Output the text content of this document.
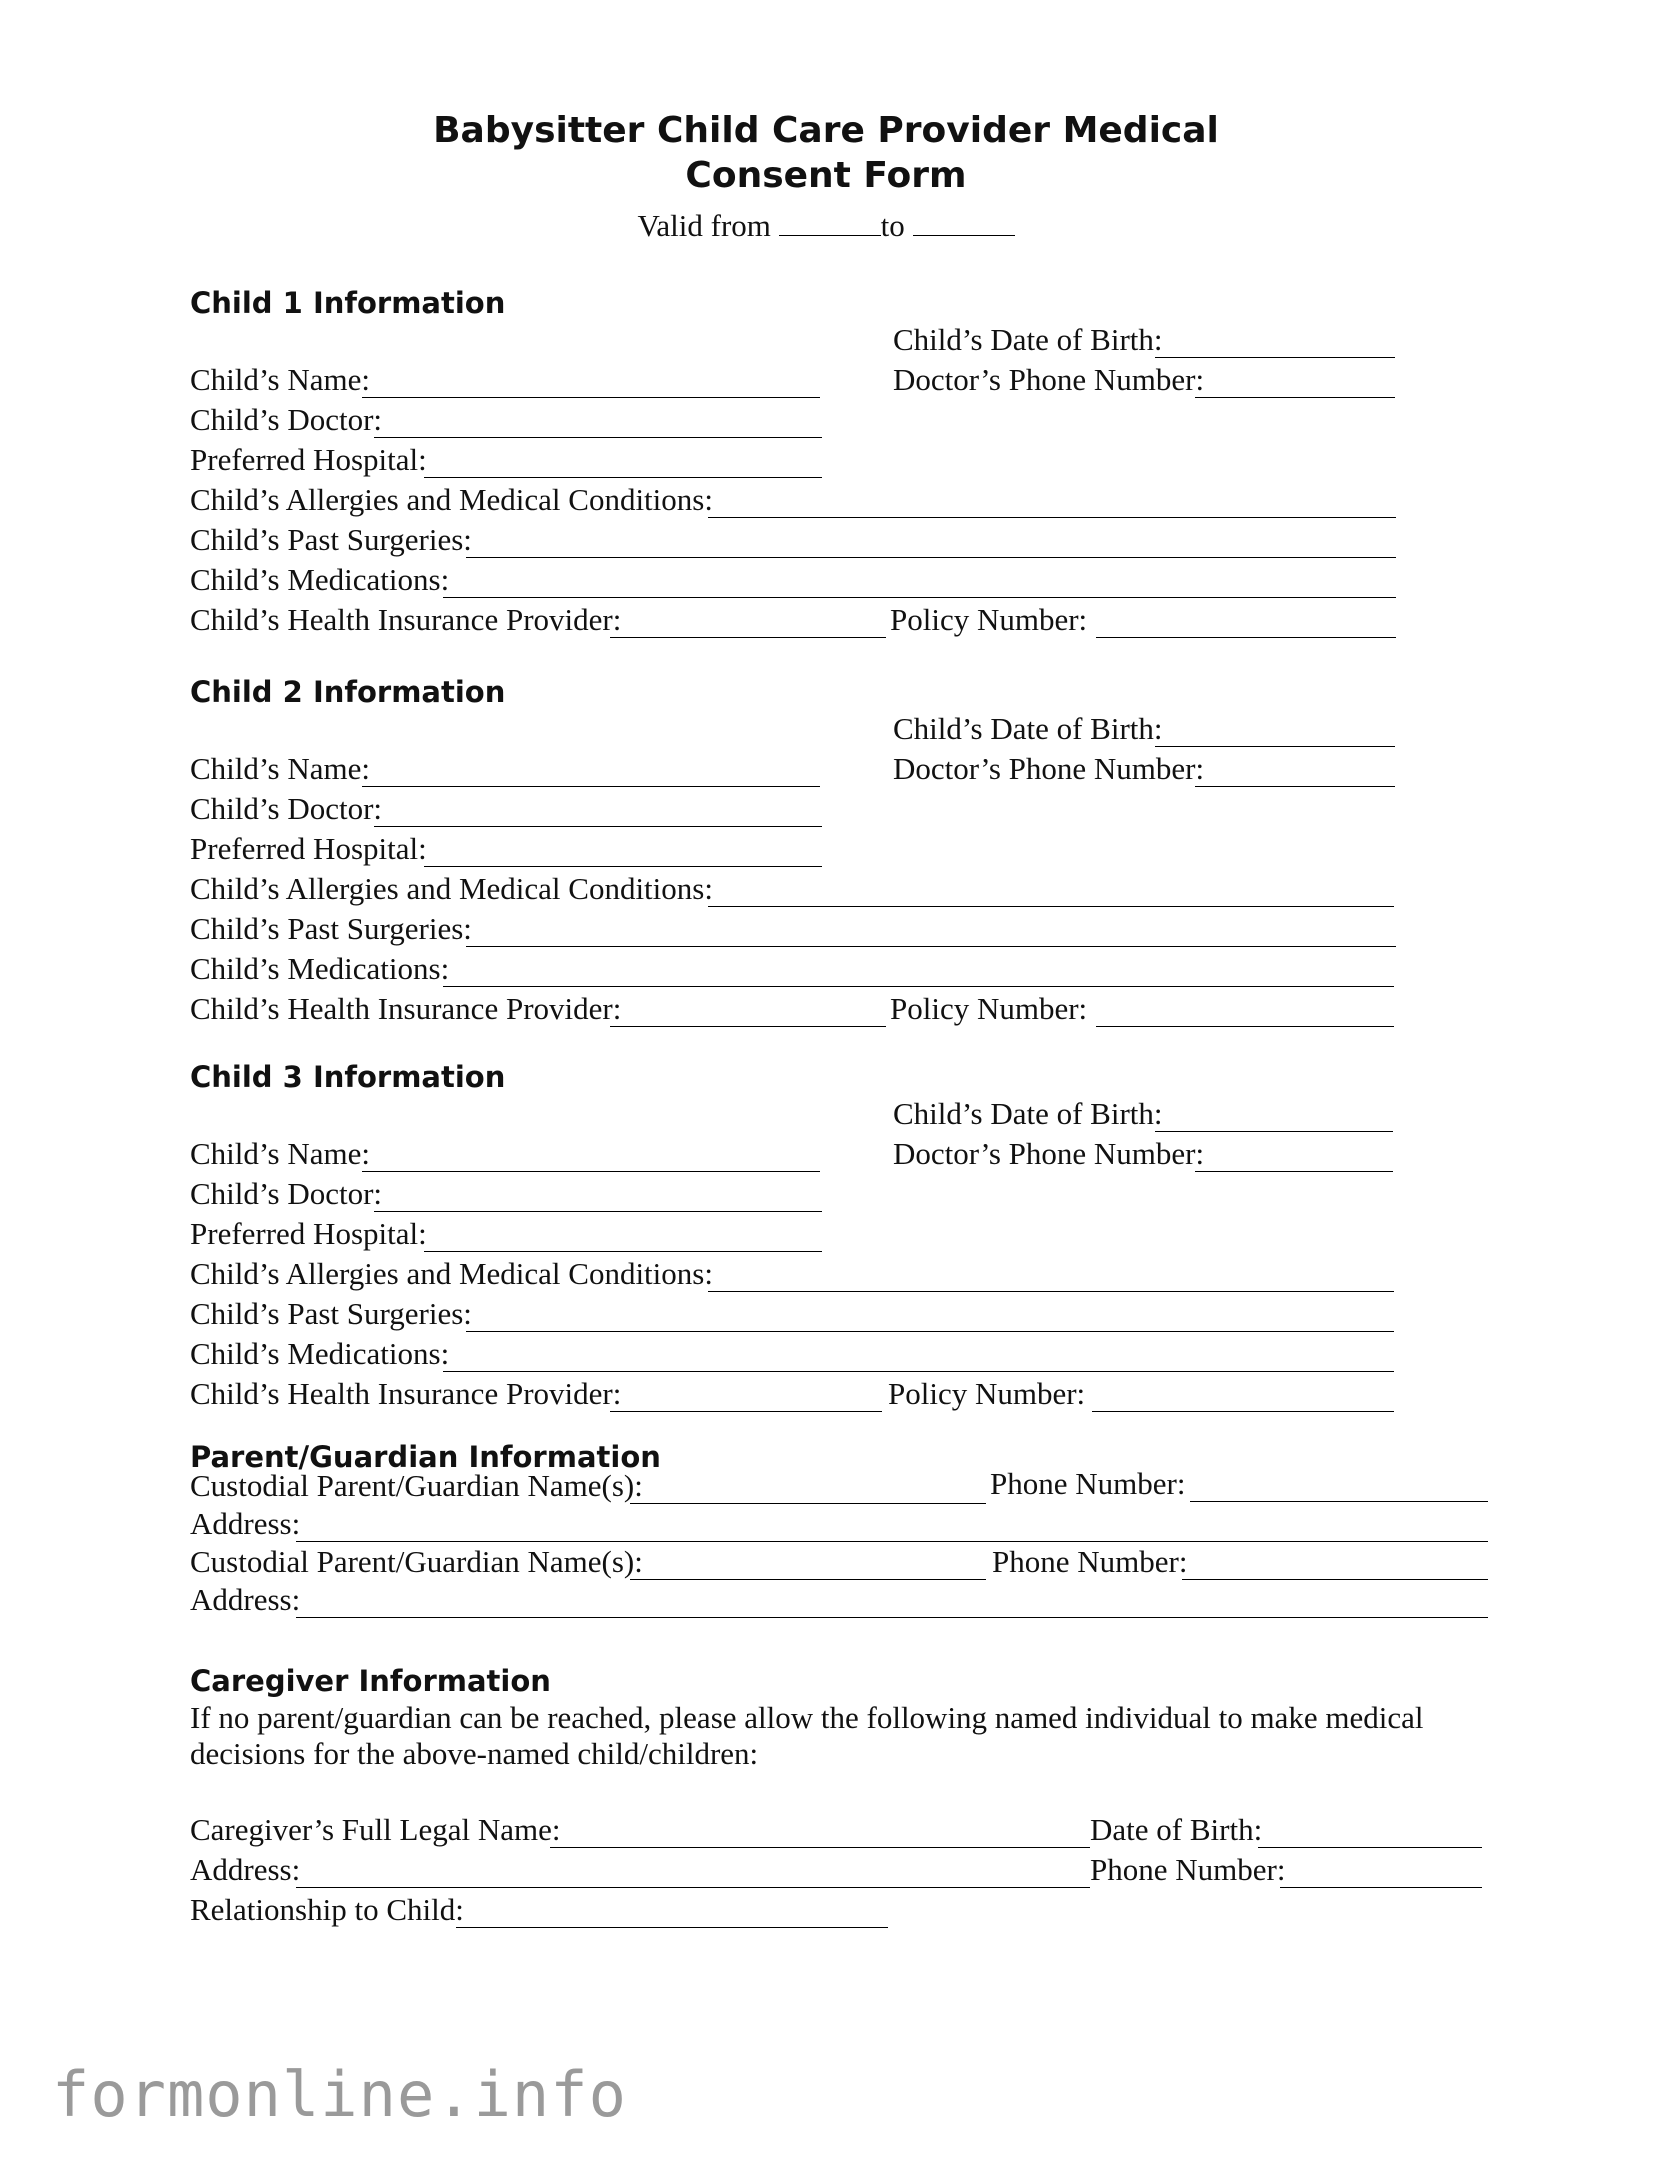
Babysitter Child Care Provider Medical
Consent Form
Valid from	to
Child 1 Information
Child’s Date of Birth:
Child’s Name:	Doctor’s Phone Number:
Child’s Doctor:
Preferred Hospital:
Child’s Allergies and Medical Conditions:
Child’s Past Surgeries:
Child’s Medications:
Child’s Health Insurance Provider:	Policy Number:
Child 2 Information
Child’s Date of Birth:
Child’s Name:	Doctor’s Phone Number:
Child’s Doctor:
Preferred Hospital:
Child’s Allergies and Medical Conditions:
Child’s Past Surgeries:
Child’s Medications:
Child’s Health Insurance Provider:	Policy Number:
Child 3 Information
Child’s Date of Birth:
Child’s Name:	Doctor’s Phone Number:
Child’s Doctor:
Preferred Hospital:
Child’s Allergies and Medical Conditions:
Child’s Past Surgeries:
Child’s Medications:
Child’s Health Insurance Provider:	Policy Number:
Parent/Guardian Information
Custodial Parent/Guardian Name(s):	Phone Number:
Address:
Custodial Parent/Guardian Name(s):	Phone Number:
Address:
Caregiver Information
If no parent/guardian can be reached, please allow the following named individual to make medical decisions for the above-named child/children:
Caregiver’s Full Legal Name:	Date of Birth:
Address:	Phone Number:
Relationship to Child:
formonline.info
